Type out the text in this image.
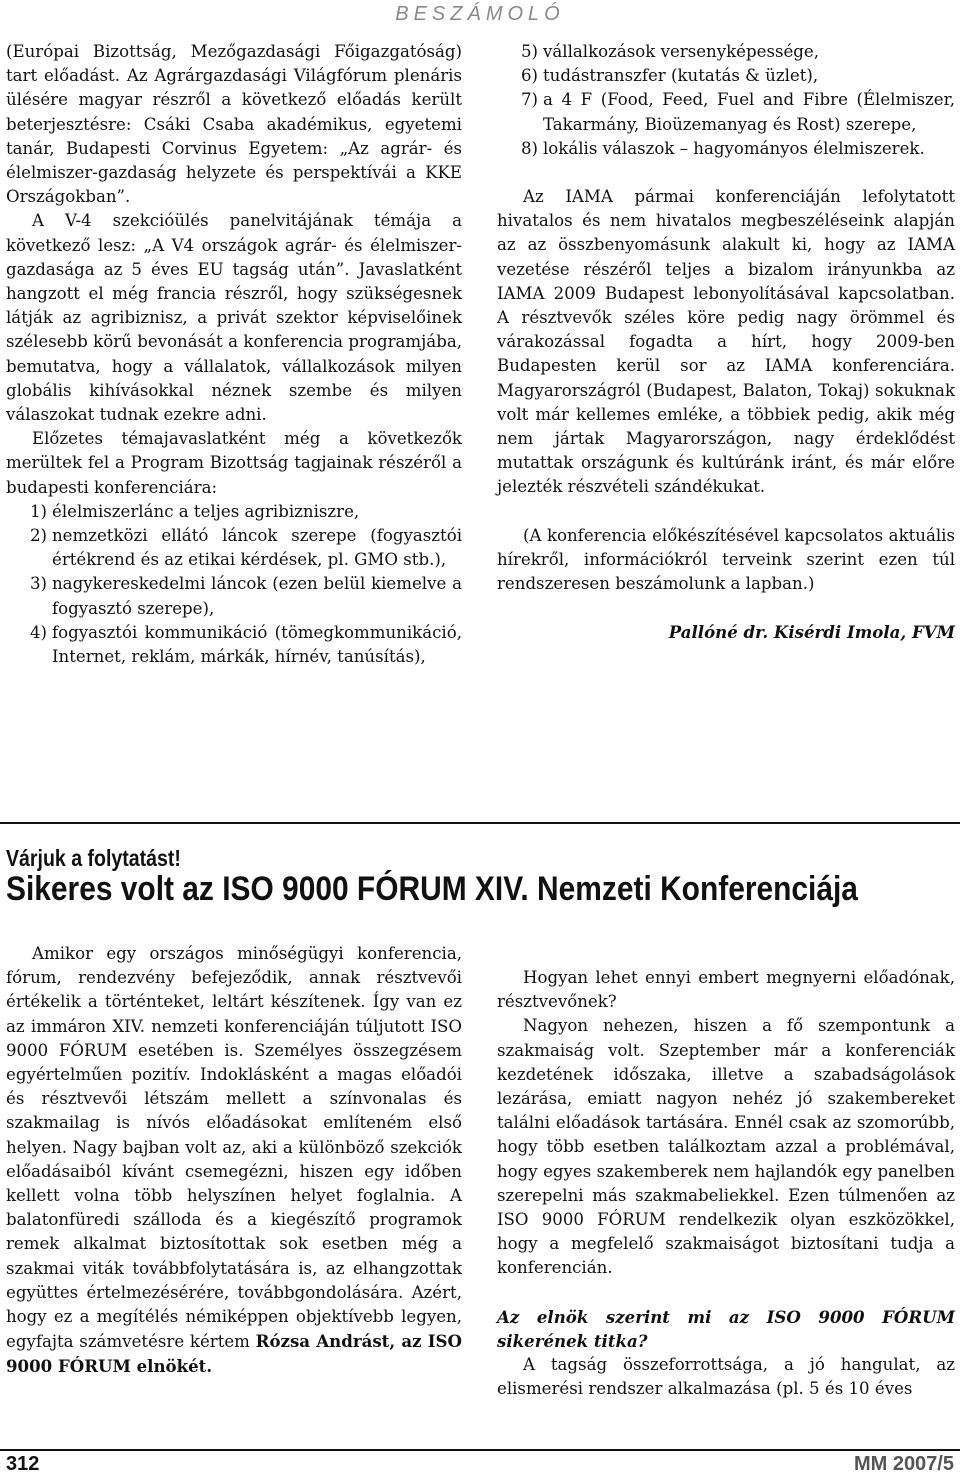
BESZÁMOLÓ

(Európai Bizottság, Mezőgazdasági Főigazgatóság) tart előadást. Az Agrárgazdasági Világfórum plenáris ülésére magyar részről a következő előadás került beterjesztésre: Csáki Csaba akadémikus, egyetemi tanár, Budapesti Corvinus Egyetem: „Az agrár- és élelmiszer-gazdaság helyzete és perspektívái a KKE Országokban”.

A V-4 szekcióülés panelvitájának témája a következő lesz: „A V4 országok agrár- és élelmiszer-gazdasága az 5 éves EU tagság után”. Javaslatként hangzott el még francia részről, hogy szükségesnek látják az agribiznisz, a privát szektor képviselőinek szélesebb körű bevonását a konferencia programjába, bemutatva, hogy a vállalatok, vállalkozások milyen globális kihívásokkal néznek szembe és milyen válaszokat tudnak ezekre adni.

Előzetes témajavaslatként még a következők merültek fel a Program Bizottság tagjainak részéről a budapesti konferenciára:

1) élelmiszerlánc a teljes agribizniszre,
2) nemzetközi ellátó láncok szerepe (fogyasztói értékrend és az etikai kérdések, pl. GMO stb.),
3) nagykereskedelmi láncok (ezen belül kiemelve a fogyasztó szerepe),
4) fogyasztói kommunikáció (tömegkommunikáció, Internet, reklám, márkák, hírnév, tanúsítás),
5) vállalkozások versenyképessége,
6) tudástranszfer (kutatás & üzlet),
7) a 4 F (Food, Feed, Fuel and Fibre (Élelmiszer, Takarmány, Bioüzemanyag és Rost) szerepe,
8) lokális válaszok – hagyományos élelmiszerek.

Az IAMA pármai konferenciáján lefolytatott hivatalos és nem hivatalos megbeszéléseink alapján az az összbenyomásunk alakult ki, hogy az IAMA vezetése részéről teljes a bizalom irányunkba az IAMA 2009 Budapest lebonyolításával kapcsolatban. A résztvevők széles köre pedig nagy örömmel és várakozással fogadta a hírt, hogy 2009-ben Budapesten kerül sor az IAMA konferenciára. Magyarországról (Budapest, Balaton, Tokaj) sokuknak volt már kellemes emléke, a többiek pedig, akik még nem jártak Magyarországon, nagy érdeklődést mutattak országunk és kultúránk iránt, és már előre jelezték részvételi szándékukat.

(A konferencia előkészítésével kapcsolatos aktuális hírekről, információkról terveink szerint ezen túl rendszeresen beszámolunk a lapban.)

Pallóné dr. Kisérdi Imola, FVM

Várjuk a folytatást!
Sikeres volt az ISO 9000 FÓRUM XIV. Nemzeti Konferenciája

Amikor egy országos minőségügyi konferencia, fórum, rendezvény befejeződik, annak résztvevői értékelik a történteket, leltárt készítenek. Így van ez az immáron XIV. nemzeti konferenciáján túljutott ISO 9000 FÓRUM esetében is. Személyes összegzésem egyértelműen pozitív. Indoklásként a magas előadói és résztvevői létszám mellett a színvonalas és szakmailag is nívós előadásokat említeném első helyen. Nagy bajban volt az, aki a különböző szekciók előadásaiból kívánt csemegézni, hiszen egy időben kellett volna több helyszínen helyet foglalnia. A balatonfüredi szálloda és a kiegészítő programok remek alkalmat biztosítottak sok esetben még a szakmai viták továbbfolytatására is, az elhangzottak együttes értelmezésérére, továbbgondolására. Azért, hogy ez a megítélés némiképpen objektívebb legyen, egyfajta számvetésre kértem Rózsa Andrást, az ISO 9000 FÓRUM elnökét.

Hogyan lehet ennyi embert megnyerni előadónak, résztvevőnek?

Nagyon nehezen, hiszen a fő szempontunk a szakmaiság volt. Szeptember már a konferenciák kezdetének időszaka, illetve a szabadságolások lezárása, emiatt nagyon nehéz jó szakembereket találni előadások tartására. Ennél csak az szomorúbb, hogy több esetben találkoztam azzal a problémával, hogy egyes szakemberek nem hajlandók egy panelben szerepelni más szakmabeliekkel. Ezen túlmenően az ISO 9000 FÓRUM rendelkezik olyan eszközökkel, hogy a megfelelő szakmaiságot biztosítani tudja a konferencián.

Az elnök szerint mi az ISO 9000 FÓRUM sikerének titka?

A tagság összeforrottsága, a jó hangulat, az elismerési rendszer alkalmazása (pl. 5 és 10 éves

312	MM 2007/5
